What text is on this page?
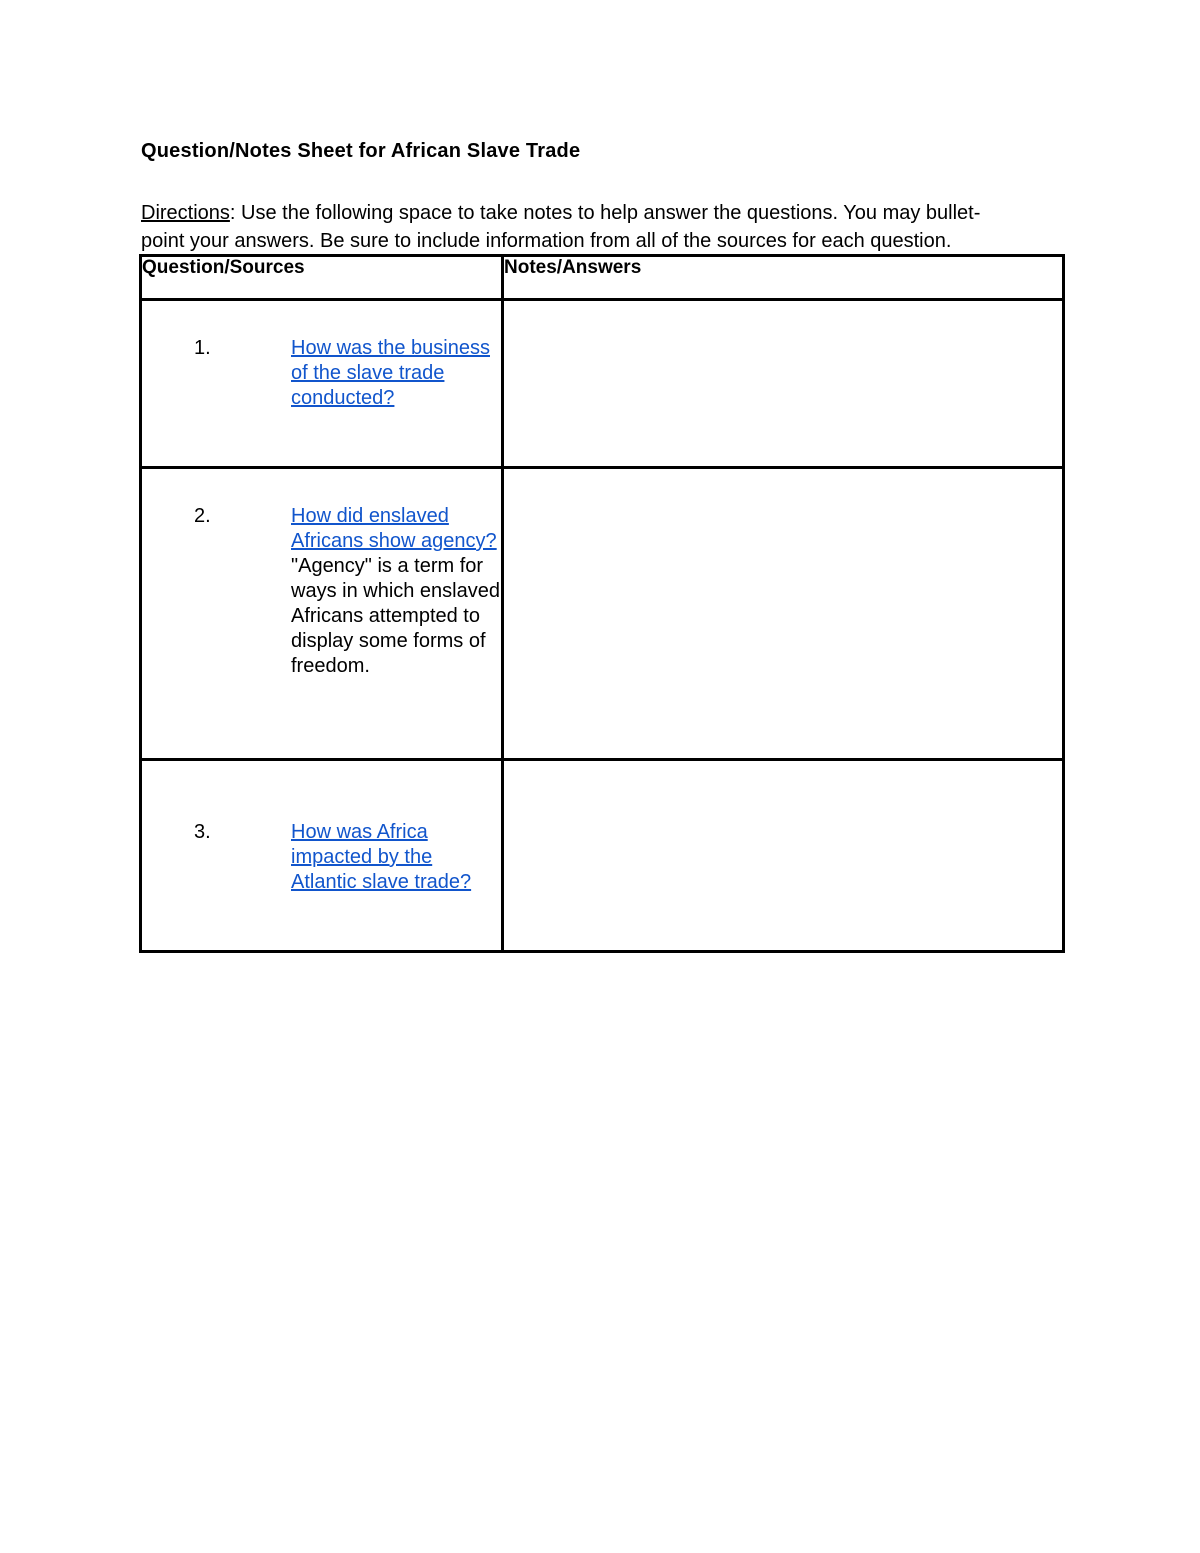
Question/Notes Sheet for African Slave Trade
Directions: Use the following space to take notes to help answer the questions. You may bullet-
point your answers. Be sure to include information from all of the sources for each question.
Question/Sources	Notes/Answers

1. How was the business of the slave trade conducted?	

2. How did enslaved Africans show agency? "Agency" is a term for ways in which enslaved Africans attempted to display some forms of freedom.	

3. How was Africa impacted by the Atlantic slave trade?	
